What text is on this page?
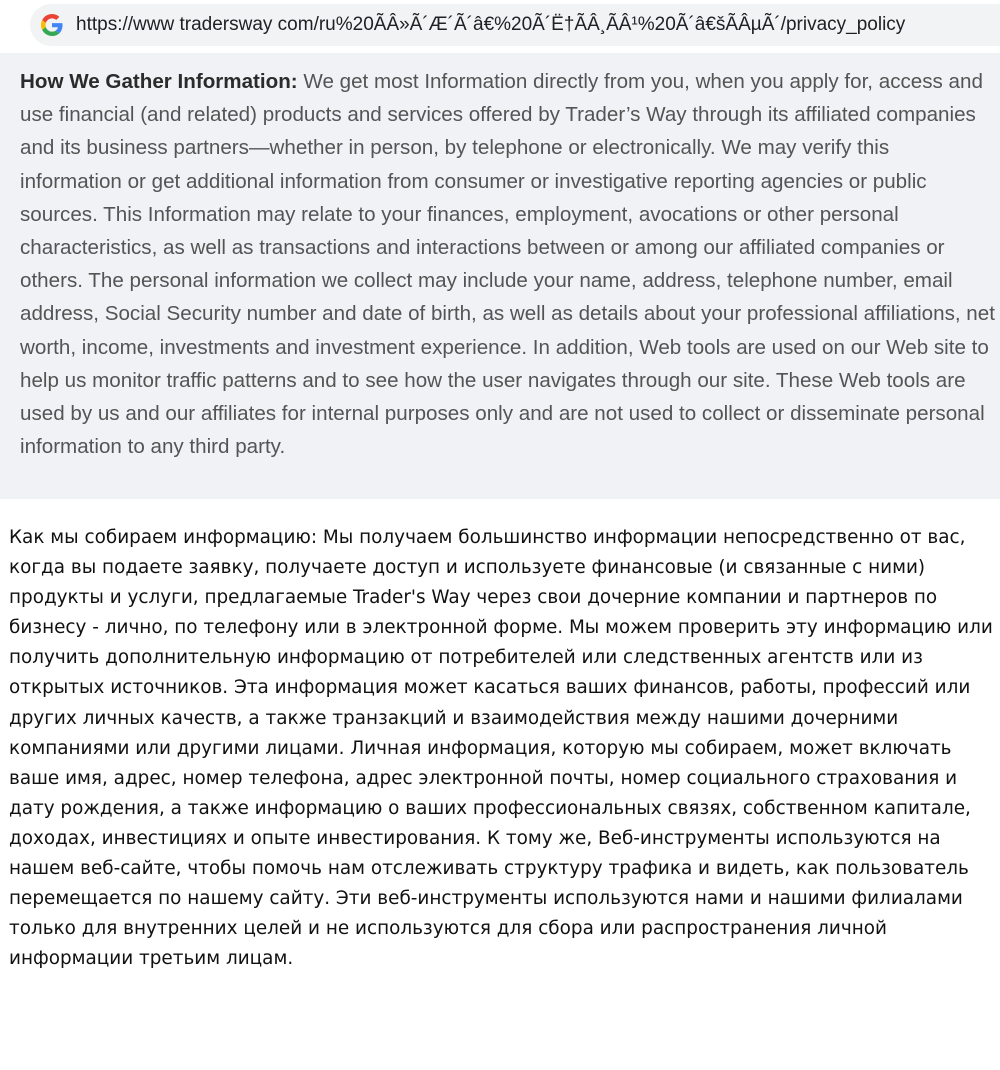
https://www tradersway com/ru%20ÃÂ»Ã´Æ´Ã´â€%20Ã´Ë†ÃÂ¸ÃÂ¹%20Ã´â€šÃÂµÃ´/privacy_policy

How We Gather Information: We get most Information directly from you, when you apply for, access and use financial (and related) products and services offered by Trader’s Way through its affiliated companies and its business partners—whether in person, by telephone or electronically. We may verify this information or get additional information from consumer or investigative reporting agencies or public sources. This Information may relate to your finances, employment, avocations or other personal characteristics, as well as transactions and interactions between or among our affiliated companies or others. The personal information we collect may include your name, address, telephone number, email address, Social Security number and date of birth, as well as details about your professional affiliations, net worth, income, investments and investment experience. In addition, Web tools are used on our Web site to help us monitor traffic patterns and to see how the user navigates through our site. These Web tools are used by us and our affiliates for internal purposes only and are not used to collect or disseminate personal information to any third party.

Как мы собираем информацию: Мы получаем большинство информации непосредственно от вас, когда вы подаете заявку, получаете доступ и используете финансовые (и связанные с ними) продукты и услуги, предлагаемые Trader's Way через свои дочерние компании и партнеров по бизнесу - лично, по телефону или в электронной форме. Мы можем проверить эту информацию или получить дополнительную информацию от потребителей или следственных агентств или из открытых источников. Эта информация может касаться ваших финансов, работы, профессий или других личных качеств, а также транзакций и взаимодействия между нашими дочерними компаниями или другими лицами. Личная информация, которую мы собираем, может включать ваше имя, адрес, номер телефона, адрес электронной почты, номер социального страхования и дату рождения, а также информацию о ваших профессиональных связях, собственном капитале, доходах, инвестициях и опыте инвестирования. К тому же, Веб-инструменты используются на нашем веб-сайте, чтобы помочь нам отслеживать структуру трафика и видеть, как пользователь перемещается по нашему сайту. Эти веб-инструменты используются нами и нашими филиалами только для внутренних целей и не используются для сбора или распространения личной информации третьим лицам.
